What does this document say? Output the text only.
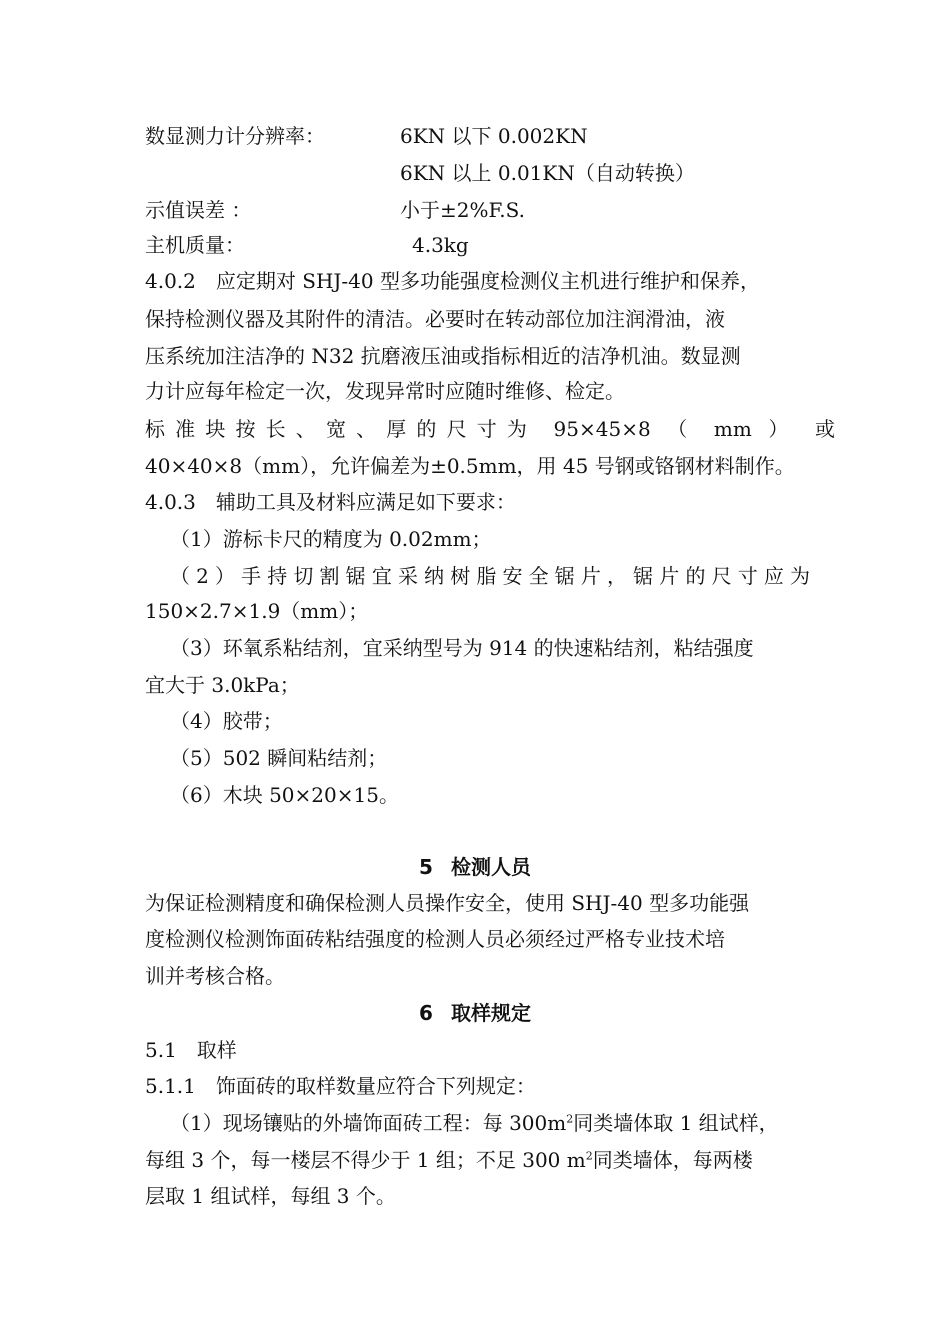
数显测力计分辨率：	6KN 以下 0.002KN
6KN 以上 0.01KN（自动转换）
示值误差 ：	小于±2%F.S.
主机质量：	4.3kg
4.0.2　应定期对 SHJ-40 型多功能强度检测仪主机进行维护和保养，
保持检测仪器及其附件的清洁。必要时在转动部位加注润滑油，液
压系统加注洁净的 N32 抗磨液压油或指标相近的洁净机油。数显测
力计应每年检定一次，发现异常时应随时维修、检定。
标准块按长、宽、厚的尺寸为 95×45×8 （ mm ） 或
40×40×8（mm），允许偏差为±0.5mm，用 45 号钢或铬钢材料制作。
4.0.3　辅助工具及材料应满足如下要求：
（1）游标卡尺的精度为 0.02mm；
（2）手持切割锯宜采纳树脂安全锯片，锯片的尺寸应为
150×2.7×1.9（mm）；
（3）环氧系粘结剂，宜采纳型号为 914 的快速粘结剂，粘结强度
宜大于 3.0kPa；
（4）胶带；
（5）502 瞬间粘结剂；
（6）木块 50×20×15。
5 检测人员
为保证检测精度和确保检测人员操作安全，使用 SHJ-40 型多功能强
度检测仪检测饰面砖粘结强度的检测人员必须经过严格专业技术培
训并考核合格。
6 取样规定
5.1　取样
5.1.1　饰面砖的取样数量应符合下列规定：
（1）现场镶贴的外墙饰面砖工程：每 $300m^2$同类墙体取 1 组试样，
每组 3 个，每一楼层不得少于 1 组；不足 300 $m^2$同类墙体，每两楼
层取 1 组试样，每组 3 个。
